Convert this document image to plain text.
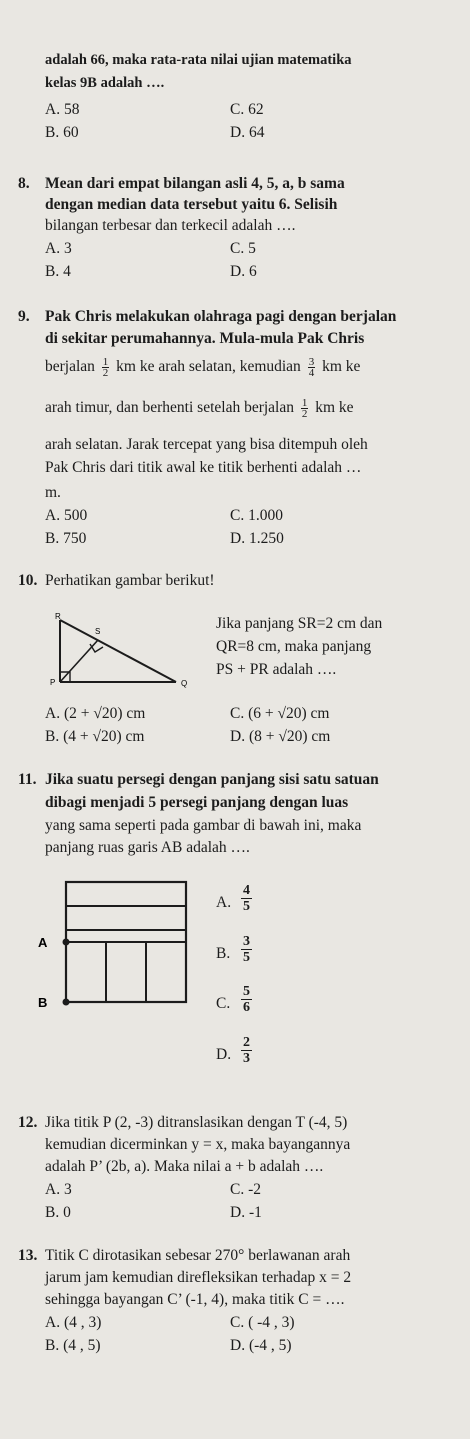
adalah 66, maka rata-rata nilai ujian matematika
kelas 9B adalah ….
A. 58	C. 62
B. 60	D. 64
8. Mean dari empat bilangan asli 4, 5, a, b sama
dengan median data tersebut yaitu 6. Selisih
bilangan terbesar dan terkecil adalah ….
A. 3	C. 5
B. 4	D. 6
9. Pak Chris melakukan olahraga pagi dengan berjalan
di sekitar perumahannya. Mula-mula Pak Chris
berjalan $\frac{1}{2}$ km ke arah selatan, kemudian $\frac{3}{4}$ km ke
arah timur, dan berhenti setelah berjalan $\frac{1}{2}$ km ke
arah selatan. Jarak tercepat yang bisa ditempuh oleh
Pak Chris dari titik awal ke titik berhenti adalah …
m.
A. 500	C. 1.000
B. 750	D. 1.250
10. Perhatikan gambar berikut!
R
S
P	Q
Jika panjang SR=2 cm dan
QR=8 cm, maka panjang
PS + PR adalah ….
A. (2 + √20) cm	C. (6 + √20) cm
B. (4 + √20) cm	D. (8 + √20) cm
11. Jika suatu persegi dengan panjang sisi satu satuan
dibagi menjadi 5 persegi panjang dengan luas
yang sama seperti pada gambar di bawah ini, maka
panjang ruas garis AB adalah ….
A
B
A.
4
5
B.
3
5
C.
5
6
D.
2
3
12. Jika titik P (2, -3) ditranslasikan dengan T (-4, 5)
kemudian dicerminkan y = x, maka bayangannya
adalah P’ (2b, a). Maka nilai a + b adalah ….
A. 3	C. -2
B. 0	D. -1
13. Titik C dirotasikan sebesar 270° berlawanan arah
jarum jam kemudian direfleksikan terhadap x = 2
sehingga bayangan C’ (-1, 4), maka titik C = ….
A. (4 , 3)	C. ( -4 , 3)
B. (4 , 5)	D. (-4 , 5)
